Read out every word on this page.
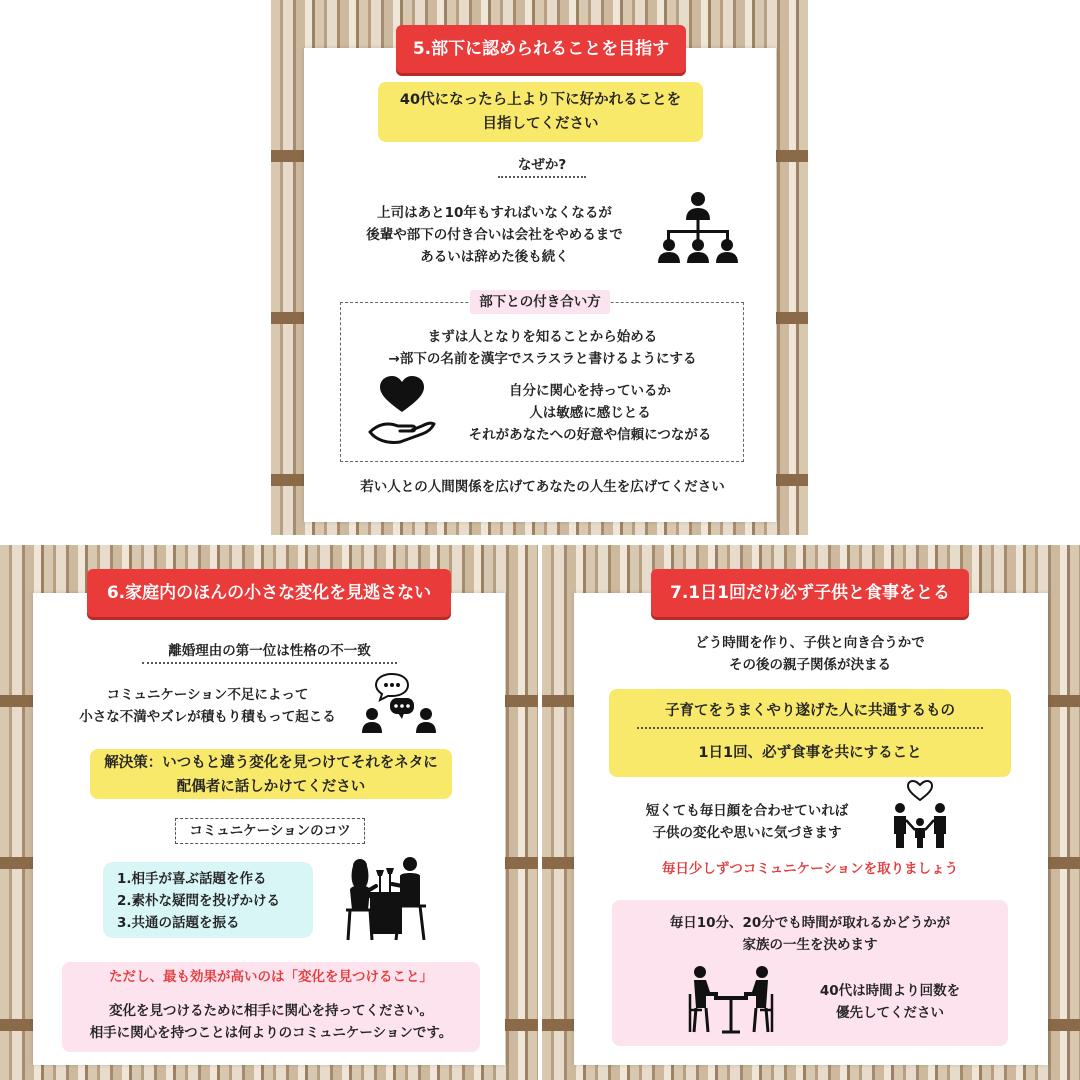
5.部下に認められることを目指す
40代になったら上より下に好かれることを
目指してください
なぜか?
上司はあと10年もすればいなくなるが
後輩や部下の付き合いは会社をやめるまで
あるいは辞めた後も続く
部下との付き合い方
まずは人となりを知ることから始める
→部下の名前を漢字でスラスラと書けるようにする
自分に関心を持っているか
人は敏感に感じとる
それがあなたへの好意や信頼につながる
若い人との人間関係を広げてあなたの人生を広げてください
6.家庭内のほんの小さな変化を見逃さない
離婚理由の第一位は性格の不一致
コミュニケーション不足によって
小さな不満やズレが積もり積もって起こる
解決策：いつもと違う変化を見つけてそれをネタに
配偶者に話しかけてください
コミュニケーションのコツ
1.相手が喜ぶ話題を作る
2.素朴な疑問を投げかける
3.共通の話題を振る
ただし、最も効果が高いのは「変化を見つけること」
変化を見つけるために相手に関心を持ってください。
相手に関心を持つことは何よりのコミュニケーションです。
7.1日1回だけ必ず子供と食事をとる
どう時間を作り、子供と向き合うかで
その後の親子関係が決まる
子育てをうまくやり遂げた人に共通するもの
1日1回、必ず食事を共にすること
短くても毎日顔を合わせていれば
子供の変化や思いに気づきます
毎日少しずつコミュニケーションを取りましょう
毎日10分、20分でも時間が取れるかどうかが
家族の一生を決めます
40代は時間より回数を
優先してください
